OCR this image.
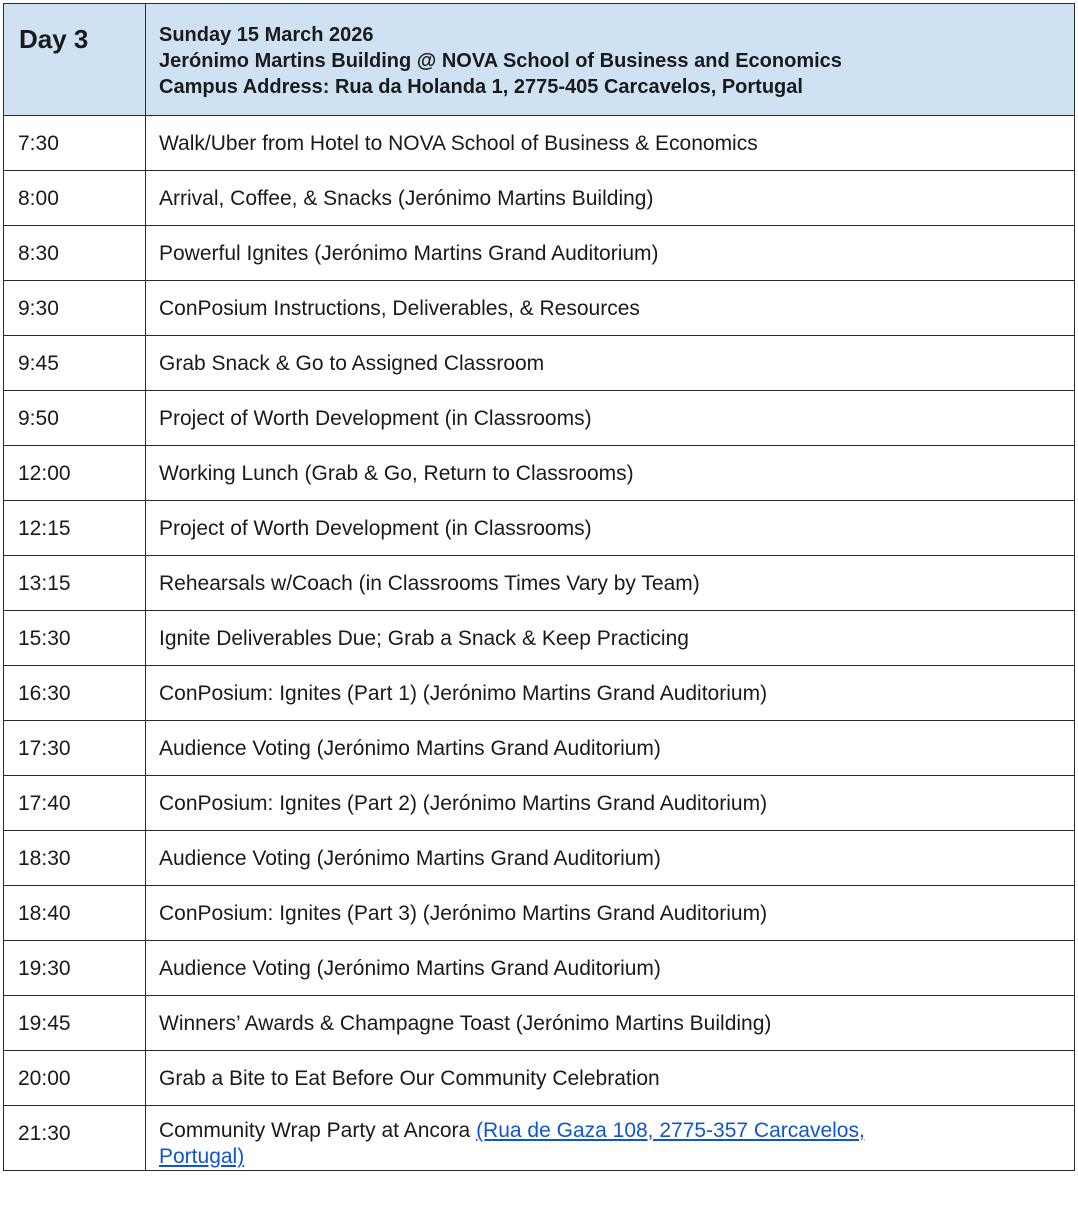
Day 3	Sunday 15 March 2026
Jerónimo Martins Building @ NOVA School of Business and Economics
Campus Address: Rua da Holanda 1, 2775-405 Carcavelos, Portugal

7:30	Walk/Uber from Hotel to NOVA School of Business & Economics

8:00	Arrival, Coffee, & Snacks (Jerónimo Martins Building)

8:30	Powerful Ignites (Jerónimo Martins Grand Auditorium)

9:30	ConPosium Instructions, Deliverables, & Resources

9:45	Grab Snack & Go to Assigned Classroom

9:50	Project of Worth Development (in Classrooms)

12:00	Working Lunch (Grab & Go, Return to Classrooms)

12:15	Project of Worth Development (in Classrooms)

13:15	Rehearsals w/Coach (in Classrooms Times Vary by Team)

15:30	Ignite Deliverables Due; Grab a Snack & Keep Practicing

16:30	ConPosium: Ignites (Part 1) (Jerónimo Martins Grand Auditorium)

17:30	Audience Voting (Jerónimo Martins Grand Auditorium)

17:40	ConPosium: Ignites (Part 2) (Jerónimo Martins Grand Auditorium)

18:30	Audience Voting (Jerónimo Martins Grand Auditorium)

18:40	ConPosium: Ignites (Part 3) (Jerónimo Martins Grand Auditorium)

19:30	Audience Voting (Jerónimo Martins Grand Auditorium)

19:45	Winners’ Awards & Champagne Toast (Jerónimo Martins Building)

20:00	Grab a Bite to Eat Before Our Community Celebration

21:30	Community Wrap Party at Ancora (Rua de Gaza 108, 2775-357 Carcavelos,
Portugal)
